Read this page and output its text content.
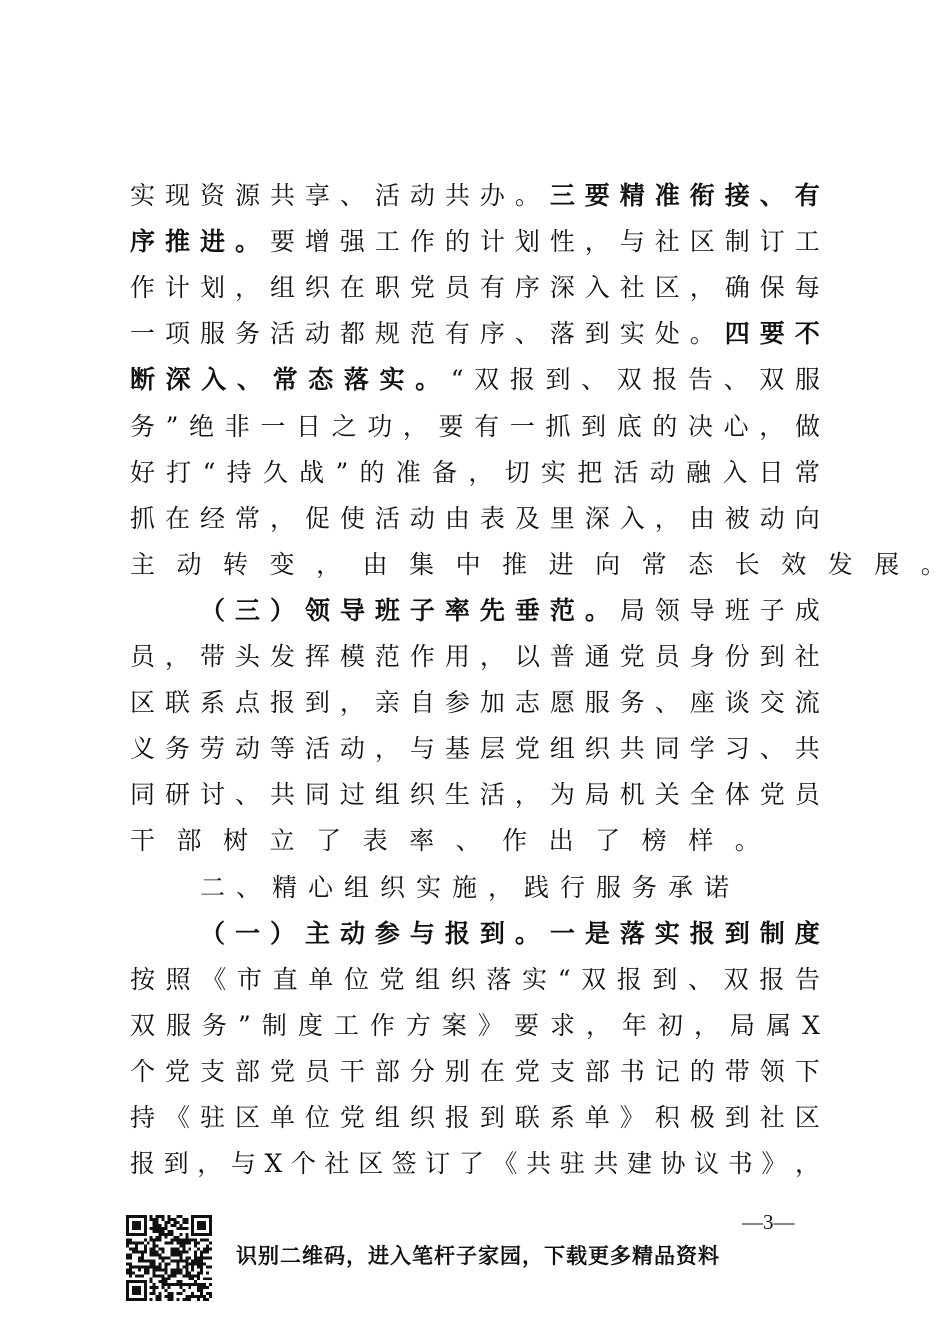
实 现 资 源 共 享 、 活 动 共 办 。 三 要 精 准 衔 接 、 有
序 推 进 。 要 增 强 工 作 的 计 划 性 ， 与 社 区 制 订 工
作 计 划 ， 组 织 在 职 党 员 有 序 深 入 社 区 ， 确 保 每
一 项 服 务 活 动 都 规 范 有 序 、 落 到 实 处 。 四 要 不
断 深 入 、 常 态 落 实 。 “ 双 报 到 、 双 报 告 、 双 服
务 ” 绝 非 一 日 之 功 ， 要 有 一 抓 到 底 的 决 心 ， 做
好 打 “ 持 久 战 ” 的 准 备 ， 切 实 把 活 动 融 入 日 常
抓 在 经 常 ， 促 使 活 动 由 表 及 里 深 入 ， 由 被 动 向
主 动 转 变 ， 由 集 中 推 进 向 常 态 长 效 发 展 。
（ 三 ） 领 导 班 子 率 先 垂 范 。 局 领 导 班 子 成
员 ， 带 头 发 挥 模 范 作 用 ， 以 普 通 党 员 身 份 到 社
区 联 系 点 报 到 ， 亲 自 参 加 志 愿 服 务 、 座 谈 交 流
义 务 劳 动 等 活 动 ， 与 基 层 党 组 织 共 同 学 习 、 共
同 研 讨 、 共 同 过 组 织 生 活 ， 为 局 机 关 全 体 党 员
干 部 树 立 了 表 率 、 作 出 了 榜 样 。
二、精心组织实施，践行服务承诺
（ 一 ） 主 动 参 与 报 到 。 一 是 落 实 报 到 制 度
按 照 《 市 直 单 位 党 组 织 落 实 “ 双 报 到 、 双 报 告
双 服 务 ” 制 度 工 作 方 案 》 要 求 ， 年 初 ， 局 属 X
个 党 支 部 党 员 干 部 分 别 在 党 支 部 书 记 的 带 领 下
持 《 驻 区 单 位 党 组 织 报 到 联 系 单 》 积 极 到 社 区
报 到 ， 与 X 个 社 区 签 订 了 《 共 驻 共 建 协 议 书 》 ，
—3—
识别二维码，进入笔杆子家园，下载更多精品资料
